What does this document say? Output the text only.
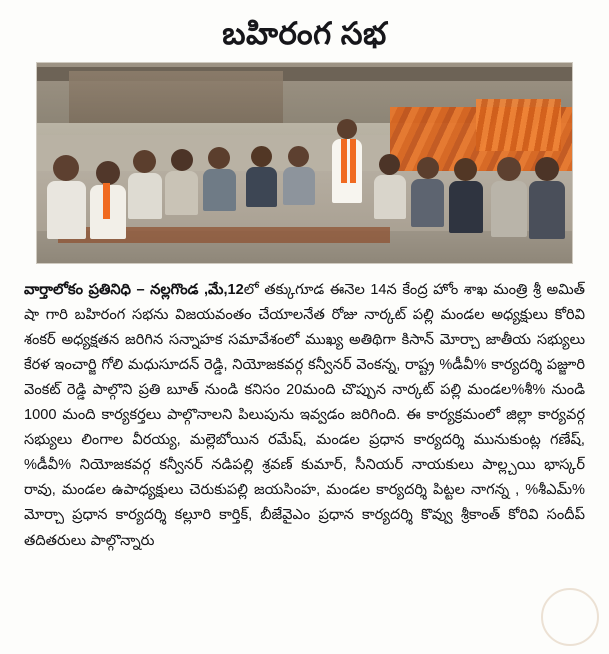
బహిరంగ సభ
వార్తాలోకం ప్రతినిధి – నల్లగొండ ,మే,12లో తక్కుగూడ ఈనెల 14న కేంద్ర హోం శాఖ మంత్రి శ్రీ అమిత్ షా గారి బహిరంగ సభను విజయవంతం చేయాలనేత రోజు నార్కట్ పల్లి మండల అధ్యక్షులు కోరివి శంకర్ అధ్యక్షతన జరిగిన సన్నాహక సమావేశంలో ముఖ్య అతిథిగా కిసాన్ మోర్చా జాతీయ సభ్యులు కేరళ ఇంచార్జి గోలి మధుసూదన్ రెడ్డి, నియోజకవర్గ కన్వీనర్ వెంకన్న, రాష్ట్ర %డీవీ% కార్యదర్శి పజ్జూరి వెంకట్ రెడ్డి పాల్గొని ప్రతి బూత్ నుండి కనిసం 20మంది చొప్పున నార్కట్ పల్లి మండల%శీ% నుండి 1000 మంది కార్యకర్తలు పాల్గొనాలని పిలుపును ఇవ్వడం జరిగింది. ఈ కార్యక్రమంలో జిల్లా కార్యవర్గ సభ్యులు లింగాల వీరయ్య, మల్లెబోయిన రమేష్, మండల ప్రధాన కార్యదర్శి మునుకుంట్ల గణేష్, %డీవీ% నియోజకవర్గ కన్వీనర్ నడిపల్లి శ్రవణ్ కుమార్, సీనియర్ నాయకులు పాల్ల్చయి భాస్కర్ రావు, మండల ఉపాధ్యక్షులు చెరుకుపల్లి జయసింహ, మండల కార్యదర్శి పిట్టల నాగన్న , %శీఎమ్% మోర్చా ప్రధాన కార్యదర్శి కల్లూరి కార్తిక్, బీజేవైఎం ప్రధాన కార్యదర్శి కొవ్వు శ్రీకాంత్ కోరివి సందీప్ తదితరులు పాల్గొన్నారు
